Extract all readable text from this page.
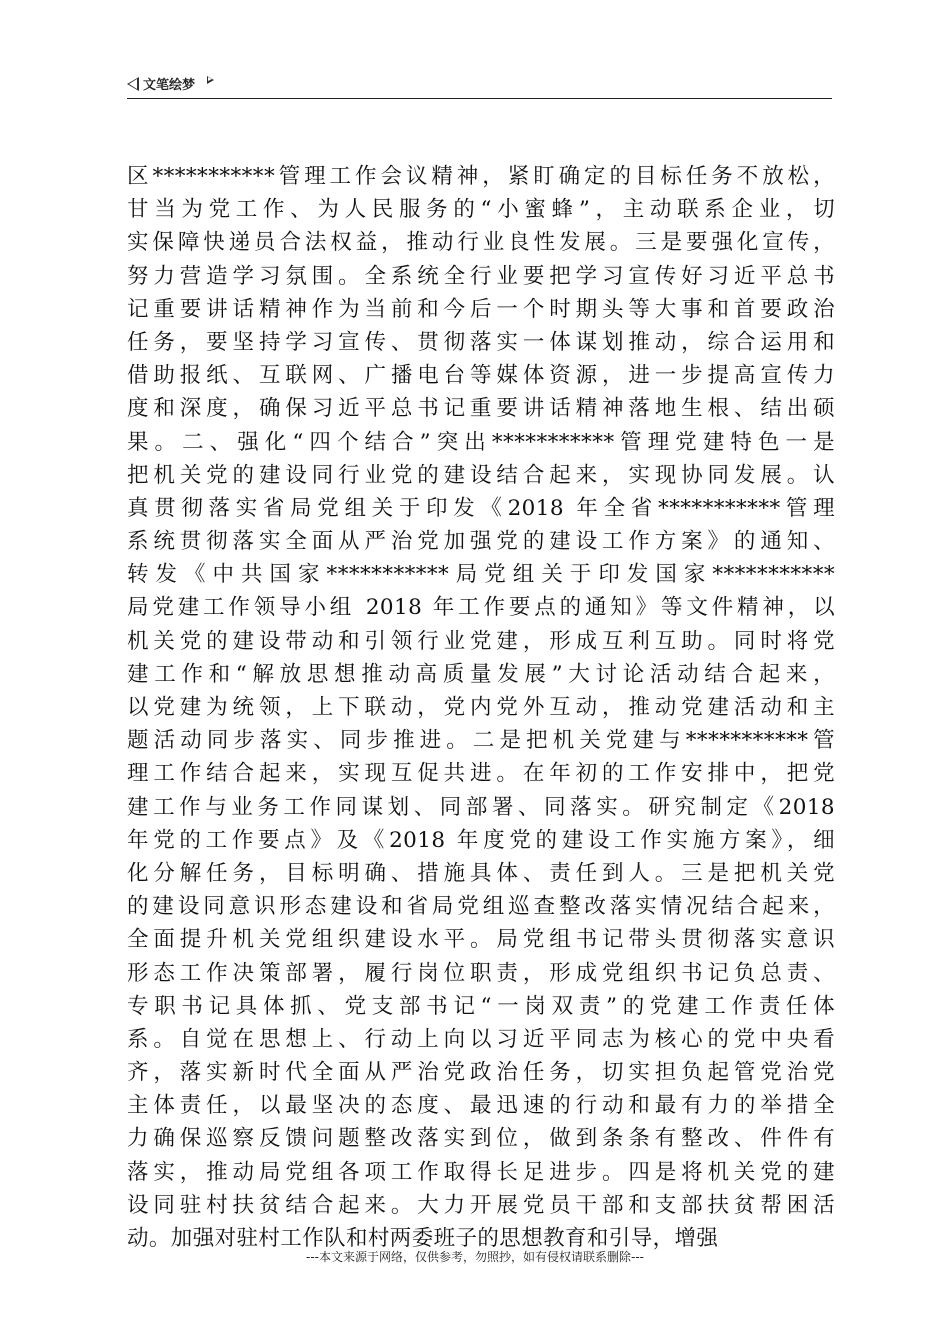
文笔绘梦
区***********管理工作会议精神，紧盯确定的目标任务不放松，
甘当为党工作、为人民服务的“小蜜蜂”，主动联系企业，切
实保障快递员合法权益，推动行业良性发展。三是要强化宣传，
努力营造学习氛围。全系统全行业要把学习宣传好习近平总书
记重要讲话精神作为当前和今后一个时期头等大事和首要政治
任务，要坚持学习宣传、贯彻落实一体谋划推动，综合运用和
借助报纸、互联网、广播电台等媒体资源，进一步提高宣传力
度和深度，确保习近平总书记重要讲话精神落地生根、结出硕
果。二、强化“四个结合”突出***********管理党建特色一是
把机关党的建设同行业党的建设结合起来，实现协同发展。认
真贯彻落实省局党组关于印发《2018 年全省***********管理
系统贯彻落实全面从严治党加强党的建设工作方案》的通知、
转发《中共国家***********局党组关于印发国家***********
局党建工作领导小组 2018 年工作要点的通知》等文件精神，以
机关党的建设带动和引领行业党建，形成互利互助。同时将党
建工作和“解放思想推动高质量发展”大讨论活动结合起来，
以党建为统领，上下联动，党内党外互动，推动党建活动和主
题活动同步落实、同步推进。二是把机关党建与***********管
理工作结合起来，实现互促共进。在年初的工作安排中，把党
建工作与业务工作同谋划、同部署、同落实。研究制定《2018
年党的工作要点》及《2018 年度党的建设工作实施方案》，细
化分解任务，目标明确、措施具体、责任到人。三是把机关党
的建设同意识形态建设和省局党组巡查整改落实情况结合起来，
全面提升机关党组织建设水平。局党组书记带头贯彻落实意识
形态工作决策部署，履行岗位职责，形成党组织书记负总责、
专职书记具体抓、党支部书记“一岗双责”的党建工作责任体
系。自觉在思想上、行动上向以习近平同志为核心的党中央看
齐，落实新时代全面从严治党政治任务，切实担负起管党治党
主体责任，以最坚决的态度、最迅速的行动和最有力的举措全
力确保巡察反馈问题整改落实到位，做到条条有整改、件件有
落实，推动局党组各项工作取得长足进步。四是将机关党的建
设同驻村扶贫结合起来。大力开展党员干部和支部扶贫帮困活
动。加强对驻村工作队和村两委班子的思想教育和引导，增强
---本文来源于网络，仅供参考，勿照抄，如有侵权请联系删除---
